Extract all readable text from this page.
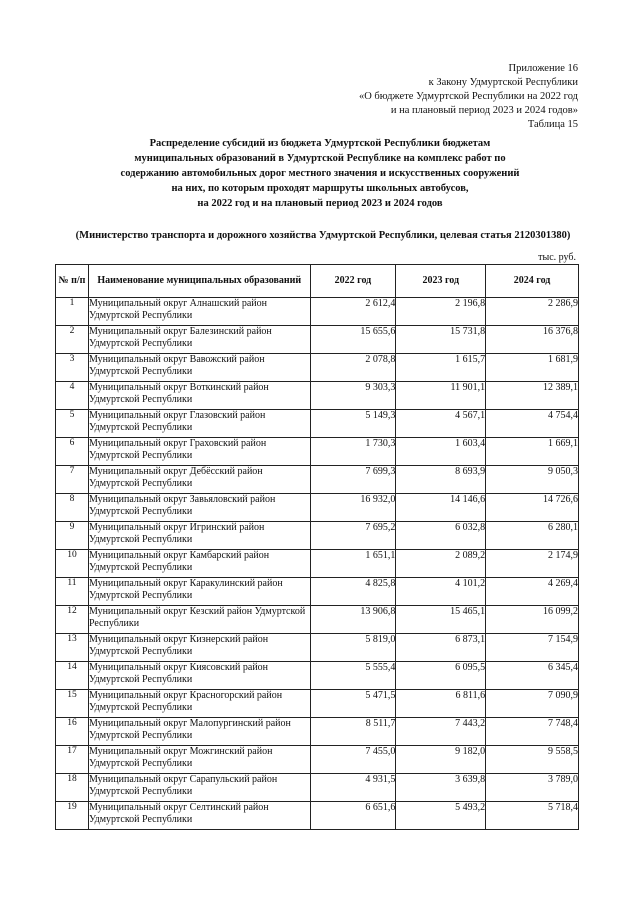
Приложение 16
к Закону Удмуртской Республики
«О бюджете Удмуртской Республики на 2022 год
и на плановый период 2023 и 2024 годов»
Таблица 15
Распределение субсидий из бюджета Удмуртской Республики бюджетам
муниципальных образований в Удмуртской Республике на комплекс работ по
содержанию автомобильных дорог местного значения и искусственных сооружений
на них, по которым проходят маршруты школьных автобусов,
на 2022 год и на плановый период 2023 и 2024 годов
(Министерство транспорта и дорожного хозяйства Удмуртской Республики, целевая статья 2120301380)
тыс. руб.
№ п/п	Наименование муниципальных образований	2022 год	2023 год	2024 год
1	Муниципальный округ Алнашский район Удмуртской Республики	2 612,4	2 196,8	2 286,9
2	Муниципальный округ Балезинский район Удмуртской Республики	15 655,6	15 731,8	16 376,8
3	Муниципальный округ Вавожский район Удмуртской Республики	2 078,8	1 615,7	1 681,9
4	Муниципальный округ Воткинский район Удмуртской Республики	9 303,3	11 901,1	12 389,1
5	Муниципальный округ Глазовский район Удмуртской Республики	5 149,3	4 567,1	4 754,4
6	Муниципальный округ Граховский район Удмуртской Республики	1 730,3	1 603,4	1 669,1
7	Муниципальный округ Дебёсский район Удмуртской Республики	7 699,3	8 693,9	9 050,3
8	Муниципальный округ Завьяловский район Удмуртской Республики	16 932,0	14 146,6	14 726,6
9	Муниципальный округ Игринский район Удмуртской Республики	7 695,2	6 032,8	6 280,1
10	Муниципальный округ Камбарский район Удмуртской Республики	1 651,1	2 089,2	2 174,9
11	Муниципальный округ Каракулинский район Удмуртской Республики	4 825,8	4 101,2	4 269,4
12	Муниципальный округ Кезский район Удмуртской Республики	13 906,8	15 465,1	16 099,2
13	Муниципальный округ Кизнерский район Удмуртской Республики	5 819,0	6 873,1	7 154,9
14	Муниципальный округ Киясовский район Удмуртской Республики	5 555,4	6 095,5	6 345,4
15	Муниципальный округ Красногорский район Удмуртской Республики	5 471,5	6 811,6	7 090,9
16	Муниципальный округ Малопургинский район Удмуртской Республики	8 511,7	7 443,2	7 748,4
17	Муниципальный округ Можгинский район Удмуртской Республики	7 455,0	9 182,0	9 558,5
18	Муниципальный округ Сарапульский район Удмуртской Республики	4 931,5	3 639,8	3 789,0
19	Муниципальный округ Селтинский район Удмуртской Республики	6 651,6	5 493,2	5 718,4
